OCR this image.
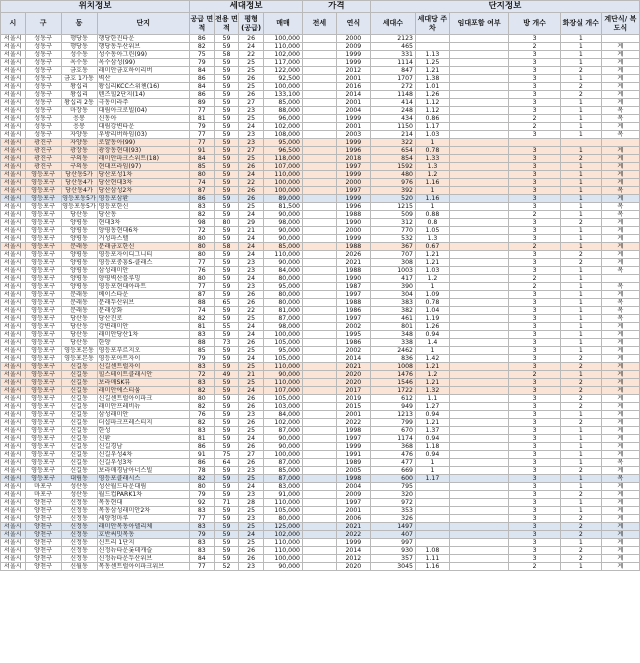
위치정보				세대정보				가격		단지정보					
시	구	동	단지	공급 면적	전용 면적	평형 (공급)	매매	전세	연식	세대수	세대당 주차	임대포함 여부	방 개수	화장실 개수	계단식/ 복도식
서울시	성동구	행당동	행당한진타운	86	59	26	100,000		2000	2123			3	1	
서울시	성동구	행당동	행당동두산위브	82	59	24	110,000		2009	465			2	1	계
서울시	성동구	성수동	성수동아그린(99)	75	58	22	102,000		1999	331	1.13		3	1	계
서울시	성동구	옥수동	옥수삼성(99)	79	59	25	117,000		1999	1114	1.25		3	1	계
서울시	성동구	금호동	래미안금호하이리버	84	59	25	122,000		2012	847	1.21		3	2	계
서울시	성동구	금호 1가동	벽산	86	59	26	92,500		2001	1707	1.38		3	1	계
서울시	성동구	왕십리	왕십리KCC스위첸(16)	84	59	25	100,000		2016	272	1.01		3	2	계
서울시	성동구	왕십리	텐즈힐2단지(14)	86	59	26	133,100		2014	1148	1.26		3	2	계
서울시	성동구	왕십리 2동	극동미라주	89	59	27	85,000		2001	414	1.12		3	1	계
서울시	성동구	마장동	대림아크로빌(04)	77	59	23	88,000		2004	248	1.12		3	1	복
서울시	성동구	응봉	신동아	81	59	25	96,000		1999	434	0.86		2	1	복
서울시	성동구	응봉	대림강변타운	79	59	24	102,000		2001	1150	1.17		2	1	계
서울시	성동구	자양동	우방리버하임(03)	77	59	23	108,000		2003	214	1.03		3	1	복
서울시	광진구	자양동	로얄동아(99)	77	59	23	95,000		1999	322	1				
서울시	광진구	광장동	광장동현대(93)	91	59	27	96,500		1996	654	0.78		3	1	계
서울시	광진구	구의동	래미안파크스위트(18)	84	59	25	118,000		2018	854	1.33		3	2	계
서울시	광진구	구의동	현대프라임(97)	85	59	26	107,000		1997	1592	1.3		3	1	계
서울시	영등포구	당산동5가	당산포성1차	80	59	24	110,000		1999	480	1.2		3	1	계
서울시	영등포구	당산동4가	당산현대3차	74	59	22	100,000		2000	976	1.16		3	1	계
서울시	영등포구	당산동4가	당산삼성2차	87	59	26	100,000		1997	392	1		3	1	복
서울시	영등포구	영등포동5가	영등포삼환	86	59	26	89,000		1999	520	1.16		3	1	계
서울시	영등포구	영등포동5가	영등포한신	83	59	25	81,500		1996	1215	1		3	1	복
서울시	영등포구	당산동	당산동	82	59	24	90,000		1988	509	0.88		2	1	복
서울시	영등포구	양평동	현대3차	98	80	29	98,000		1990	312	0.8		3	2	계
서울시	영등포구	양평동	양평동현대6차	72	59	21	90,000		2000	770	1.05		3	1	계
서울시	영등포구	양평동	거성파스텔	80	59	24	90,000		1999	532	1.3		3	1	계
서울시	영등포구	문래동	문래금호한신	80	58	24	85,000		1988	367	0.67		2	1	계
서울시	영등포구	양평동	영등포자이디그니티	80	59	24	110,000		2026	707	1.21		3	2	계
서울시	영등포구	양평동	영등포중흥S-클래스	77	59	23	90,000		2021	308	1.21		3	2	계
서울시	영등포구	양평동	삼성래미안	76	59	23	84,000		1988	1003	1.03		3	1	복
서울시	영등포구	양평동	양평벽산블루밍	80	59	24	80,000		1990	417	1.2		2	1	
서울시	영등포구	양평동	영등포현대아파트	77	59	23	95,000		1987	390	1		2	1	복
서울시	영등포구	문래동	베이스타운	87	59	26	80,000		1997	304	1.09		3	1	계
서울시	영등포구	문래동	문래두산위브	88	65	26	80,000		1988	383	0.78		3	1	복
서울시	영등포구	문래동	문래상화	74	59	22	81,000		1986	382	1.04		3	1	복
서울시	영등포구	당산동	당산진로	82	59	25	87,000		1997	461	1.19		3	1	복
서울시	영등포구	당산동	강변래미안	81	55	24	98,000		2002	801	1.26		3	1	계
서울시	영등포구	당산동	래미안당산1차	83	59	24	100,000		1995	348	0.94		3	1	계
서울시	영등포구	당산동	한양	88	73	26	105,000		1986	338	1.4		3	1	계
서울시	영등포구	영등포본동	영등포푸르지오	85	59	25	95,000		2002	2462	1		3	1	계
서울시	영등포구	영등포본동	영등포아트자이	79	59	24	105,000		2014	836	1.42		3	2	계
서울시	영등포구	신길동	신길센트럴자이	83	59	25	110,000		2021	1008	1.21		3	2	계
서울시	영등포구	신길동	힐스테이트클래시안	72	49	21	90,000		2020	1476	1.2		2	1	계
서울시	영등포구	신길동	보라매SK뷰	83	59	25	110,000		2020	1546	1.21		3	2	계
서울시	영등포구	신길동	래미안에스티움	82	59	24	107,000		2017	1722	1.32		3	2	계
서울시	영등포구	신길동	신길센트럴아이파크	80	59	26	105,000		2019	612	1.1		3	2	계
서울시	영등포구	신길동	래미안프레비뉴	82	59	26	103,000		2015	949	1.27		3	2	계
서울시	영등포구	신길동	삼성래미안	76	59	23	84,000		2001	1213	0.94		3	1	계
서울시	영등포구	신길동	더샵파크프레스티지	82	59	26	102,000		2022	799	1.21		3	2	계
서울시	영등포구	신길동	한성	83	59	25	87,000		1998	670	1.37		3	1	계
서울시	영등포구	신길동	신환	81	59	24	90,000		1997	1174	0.94		3	1	계
서울시	영등포구	신길동	신길경남	86	59	26	90,000		1999	368	1.18		3	1	계
서울시	영등포구	신길동	신길우성4차	91	75	27	100,000		1991	476	0.94		3	1	계
서울시	영등포구	신길동	신길우성3차	86	64	26	87,000		1989	477	1		3	1	복
서울시	영등포구	신길동	보라매경남아너스빌	78	59	23	85,000		2005	669	1		3	2	계
서울시	영등포구	대림동	영등포클래시스	82	59	25	87,000		1998	600	1.17		3	1	복
서울시	마포구	성산동	성산월드타운대림	80	59	24	83,000		2004	795			3	1	계
서울시	마포구	성산동	월드컵PARK1차	79	59	23	91,000		2009	320			3	2	계
서울시	양천구	신정동	목동현대	92	71	28	110,000		1997	972			3	1	계
서울시	양천구	신정동	목동삼성래미안2차	83	59	25	105,000		2001	353			3	1	계
서울시	양천구	신정동	세양청마루	77	59	23	80,000		2006	326			3	2	계
서울시	양천구	신정동	래미안목동아델리체	83	59	25	125,000		2021	1497			3	2	계
서울시	양천구	신정동	호반써밋목동	79	59	24	102,000		2022	407			3	2	계
서울시	양천구	신정동	신트리 1단지	83	59	25	110,000		1999	997			3	1	계
서울시	양천구	신정동	신정뉴타운롯데캐슬	83	59	26	110,000		2014	930	1.08		3	2	계
서울시	양천구	신정동	신정뉴타운두산위브	84	59	26	100,000		2012	357	1.11		3	2	계
서울시	양천구	신월동	목동센트럴아이파크위브	77	52	23	90,000		2020	3045	1.16		2	1	계
